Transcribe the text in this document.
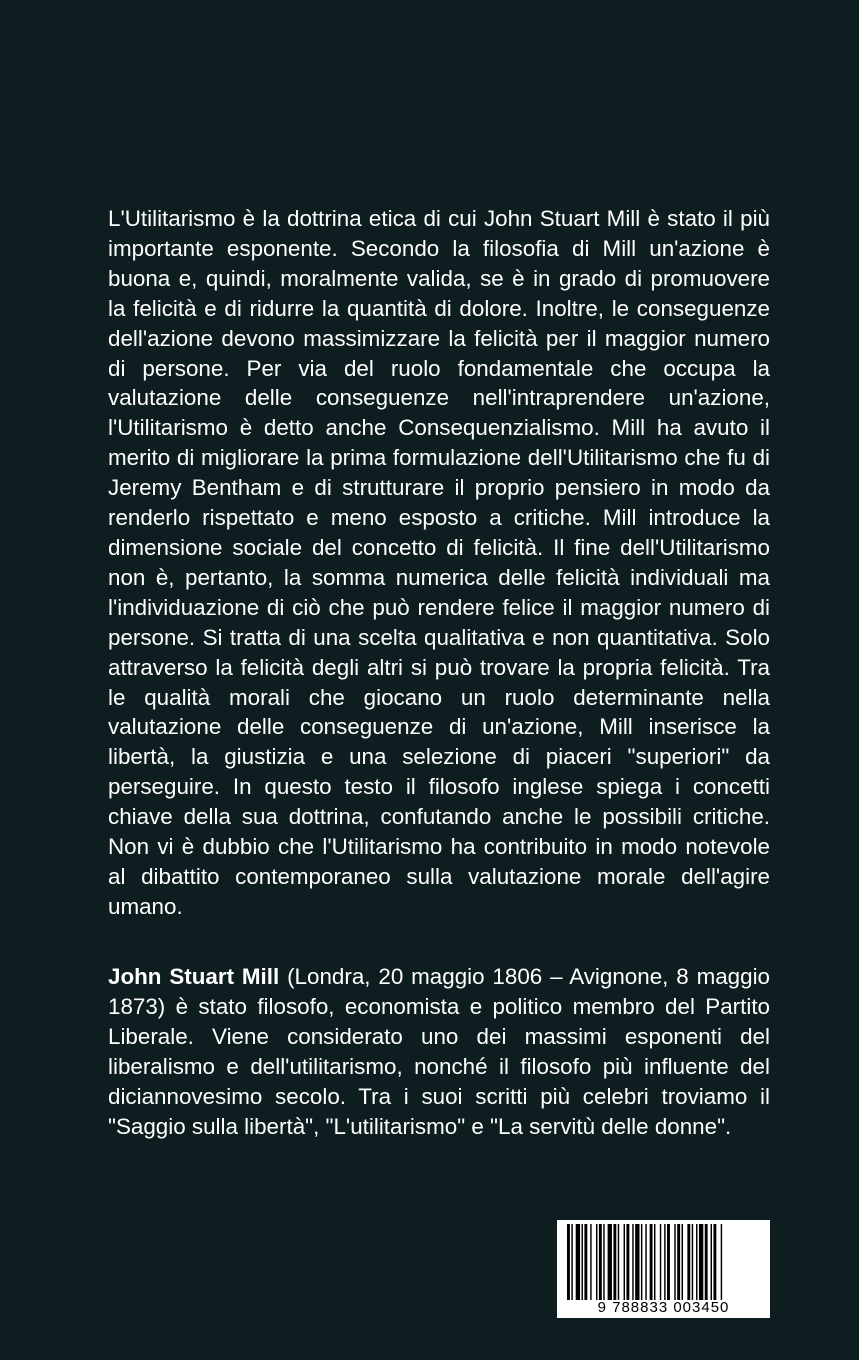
L'Utilitarismo è la dottrina etica di cui John Stuart Mill è stato il più importante esponente. Secondo la filosofia di Mill un'azione è buona e, quindi, moralmente valida, se è in grado di promuovere la felicità e di ridurre la quantità di dolore. Inoltre, le conseguenze dell'azione devono massimizzare la felicità per il maggior numero di persone. Per via del ruolo fondamentale che occupa la valutazione delle conseguenze nell'intraprendere un'azione, l'Utilitarismo è detto anche Consequenzialismo. Mill ha avuto il merito di migliorare la prima formulazione dell'Utilitarismo che fu di Jeremy Bentham e di strutturare il proprio pensiero in modo da renderlo rispettato e meno esposto a critiche. Mill introduce la dimensione sociale del concetto di felicità. Il fine dell'Utilitarismo non è, pertanto, la somma numerica delle felicità individuali ma l'individuazione di ciò che può rendere felice il maggior numero di persone. Si tratta di una scelta qualitativa e non quantitativa. Solo attraverso la felicità degli altri si può trovare la propria felicità. Tra le qualità morali che giocano un ruolo determinante nella valutazione delle conseguenze di un'azione, Mill inserisce la libertà, la giustizia e una selezione di piaceri "superiori" da perseguire. In questo testo il filosofo inglese spiega i concetti chiave della sua dottrina, confutando anche le possibili critiche. Non vi è dubbio che l'Utilitarismo ha contribuito in modo notevole al dibattito contemporaneo sulla valutazione morale dell'agire umano.

John Stuart Mill (Londra, 20 maggio 1806 – Avignone, 8 maggio 1873) è stato filosofo, economista e politico membro del Partito Liberale. Viene considerato uno dei massimi esponenti del liberalismo e dell'utilitarismo, nonché il filosofo più influente del diciannovesimo secolo. Tra i suoi scritti più celebri troviamo il "Saggio sulla libertà", "L'utilitarismo" e "La servitù delle donne".

9 788833 003450
